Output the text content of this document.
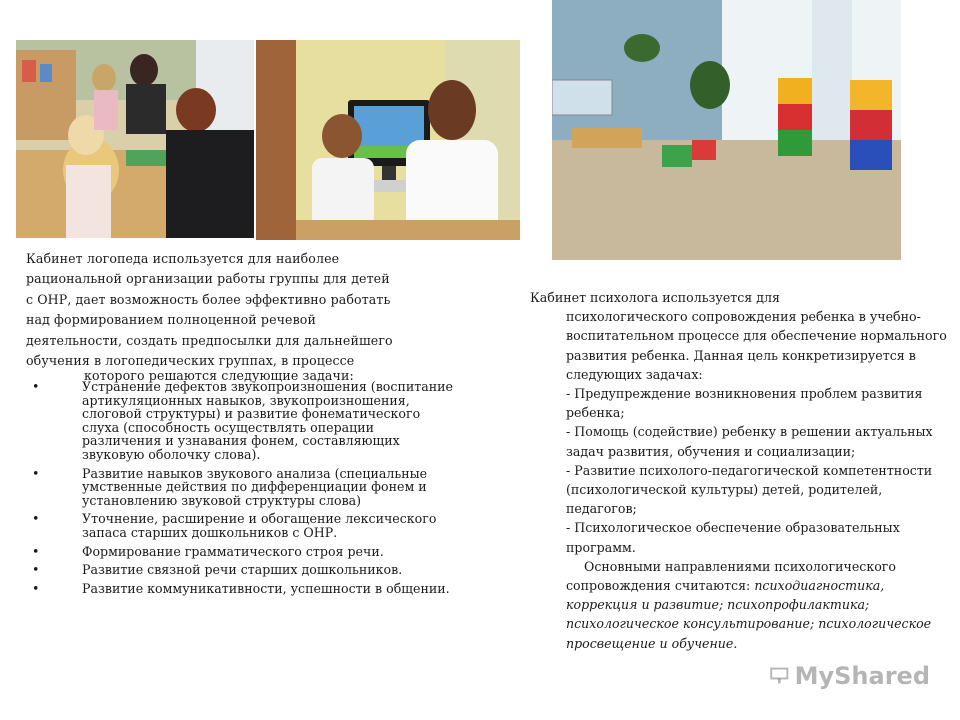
Кабинет логопеда используется для наиболее
рациональной организации работы группы для детей
с ОНР, дает возможность более эффективно работать
над формированием полноценной речевой
деятельности, создать предпосылки для дальнейшего
обучения в логопедических группах, в процессе
которого решаются следующие задачи:
•	Устранение дефектов звукопроизношения (воспитание артикуляционных навыков, звукопроизношения, слоговой структуры) и развитие фонематического слуха (способность осуществлять операции различения и узнавания фонем, составляющих звуковую оболочку слова).
•	Развитие навыков звукового анализа (специальные умственные действия по дифференциации фонем и установлению звуковой структуры слова)
•	Уточнение, расширение и обогащение лексического запаса старших дошкольников с ОНР.
•	Формирование грамматического строя речи.
•	Развитие связной речи старших дошкольников.
•	Развитие коммуникативности, успешности в общении.

Кабинет психолога используется для

психологического сопровождения ребенка в учебно-воспитательном процессе для обеспечение нормального развития ребенка. Данная цель конкретизируется в следующих задачах:

- Предупреждение возникновения проблем развития ребенка;

- Помощь (содействие) ребенку в решении актуальных задач развития, обучения и социализации;

- Развитие психолого-педагогической компетентности (психологической культуры) детей, родителей, педагогов;

- Психологическое обеспечение образовательных программ.

Основными направлениями психологического сопровождения считаются: психодиагностика, коррекция и развитие; психопрофилактика; психологическое консультирование; психологическое просвещение и обучение.

MyShared
